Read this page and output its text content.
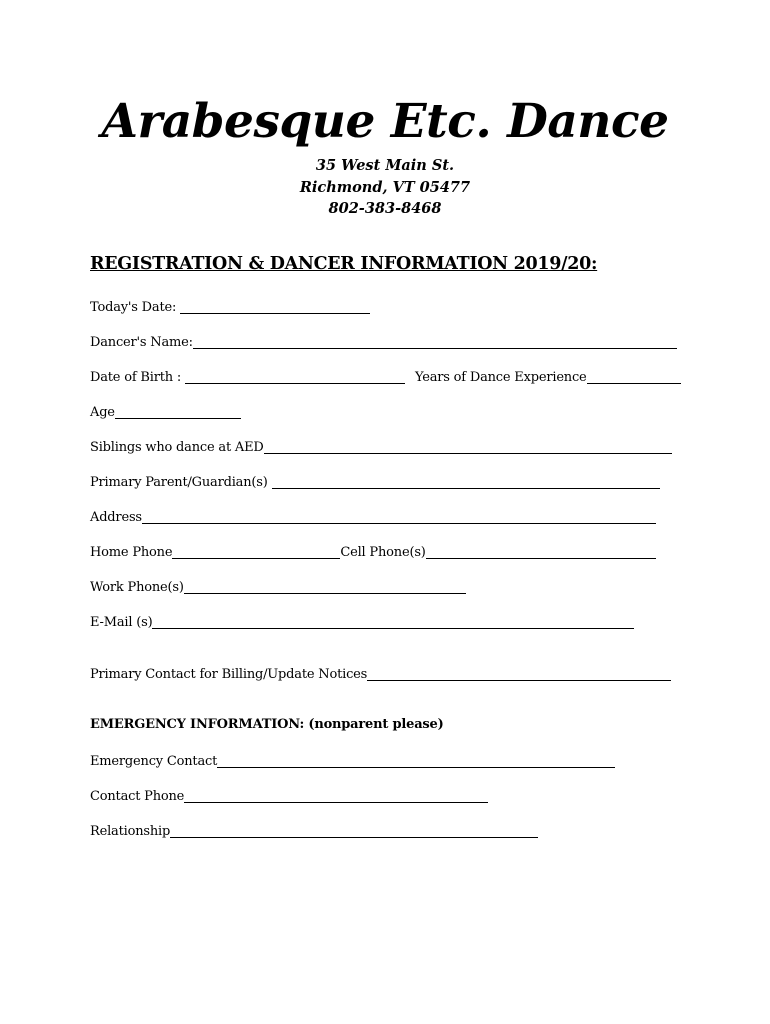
Arabesque Etc. Dance
35 West Main St.
Richmond, VT 05477
802-383-8468
REGISTRATION & DANCER INFORMATION 2019/20:
Today's Date:
Dancer's Name:
Date of Birth :	Years of Dance Experience
Age
Siblings who dance at AED
Primary Parent/Guardian(s)
Address
Home Phone	Cell Phone(s)
Work Phone(s)
E-Mail (s)
Primary Contact for Billing/Update Notices
EMERGENCY INFORMATION: (nonparent please)
Emergency Contact
Contact Phone
Relationship
